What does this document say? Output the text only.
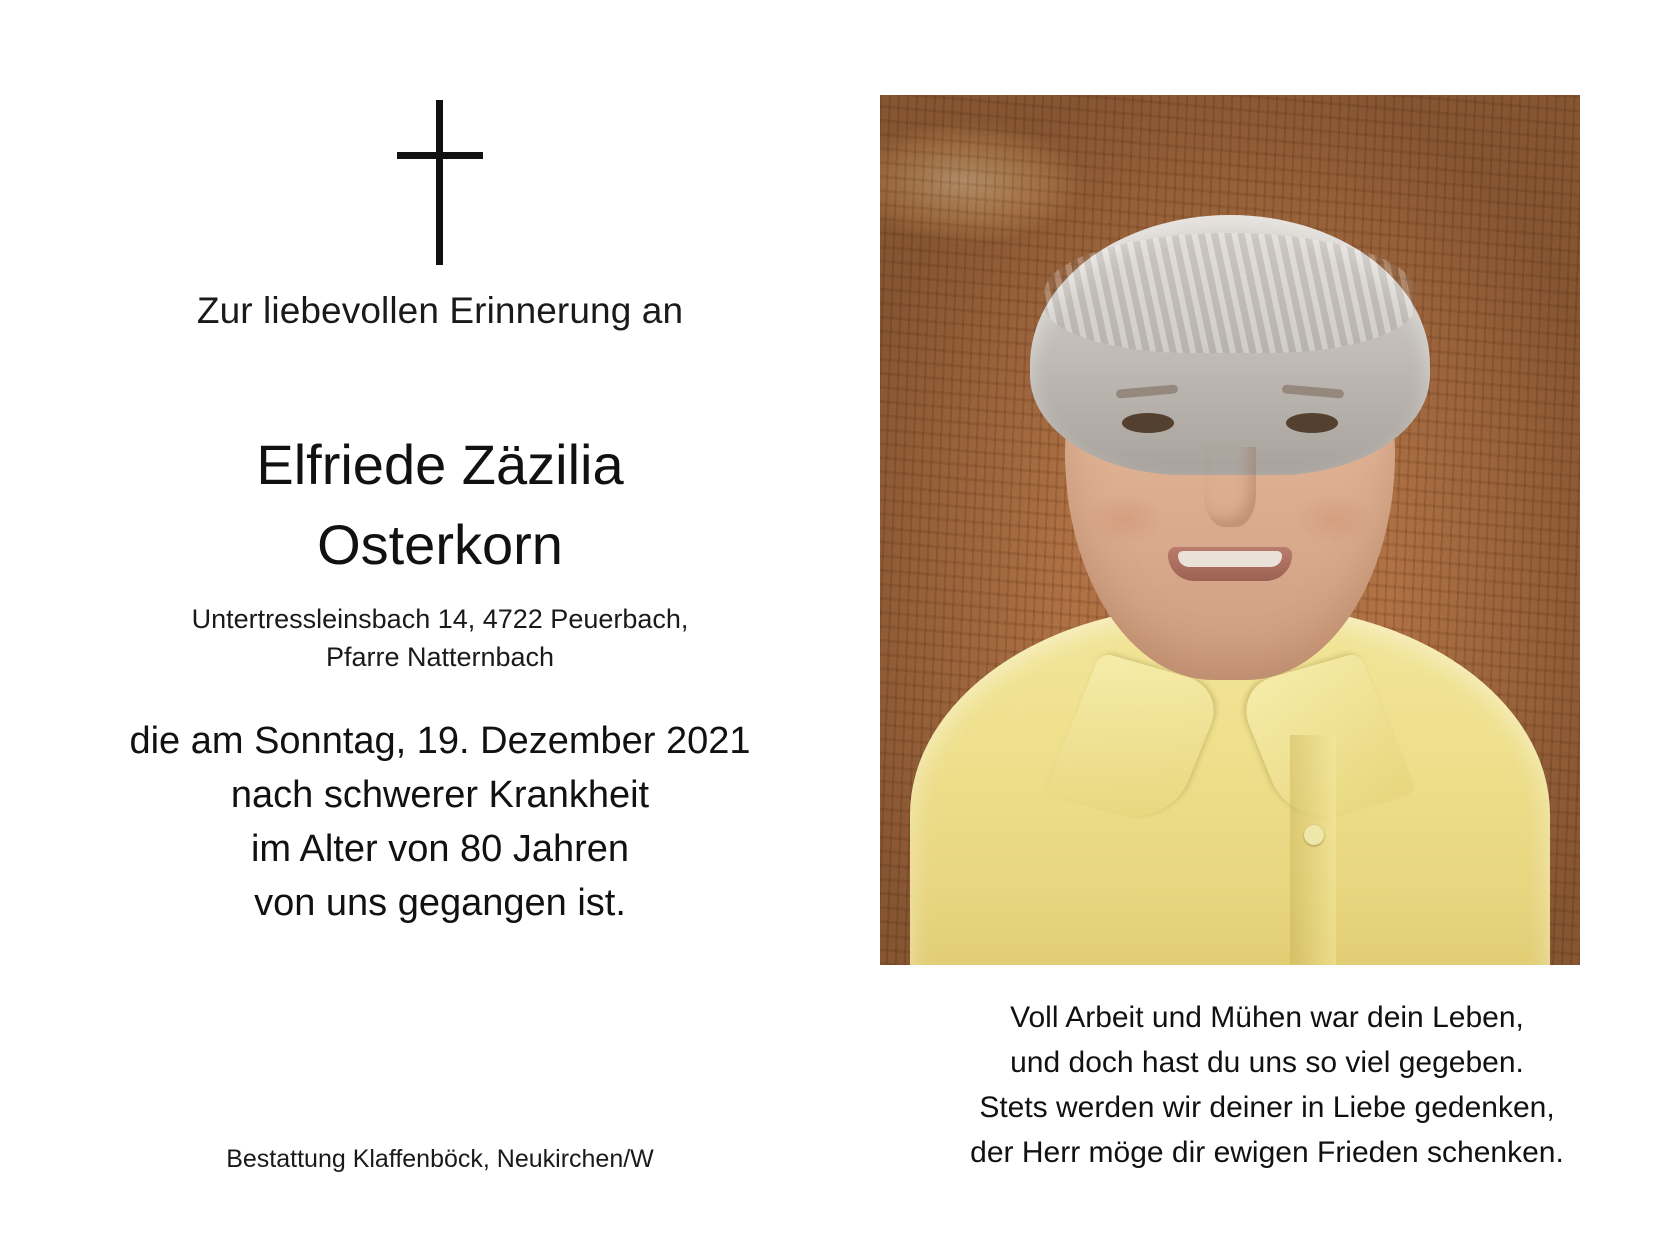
Zur liebevollen Erinnerung an
Elfriede Zäzilia
Osterkorn
Untertressleinsbach 14, 4722 Peuerbach,
Pfarre Natternbach
die am Sonntag, 19. Dezember 2021
nach schwerer Krankheit
im Alter von 80 Jahren
von uns gegangen ist.
Bestattung Klaffenböck, Neukirchen/W
Voll Arbeit und Mühen war dein Leben,
und doch hast du uns so viel gegeben.
Stets werden wir deiner in Liebe gedenken,
der Herr möge dir ewigen Frieden schenken.
